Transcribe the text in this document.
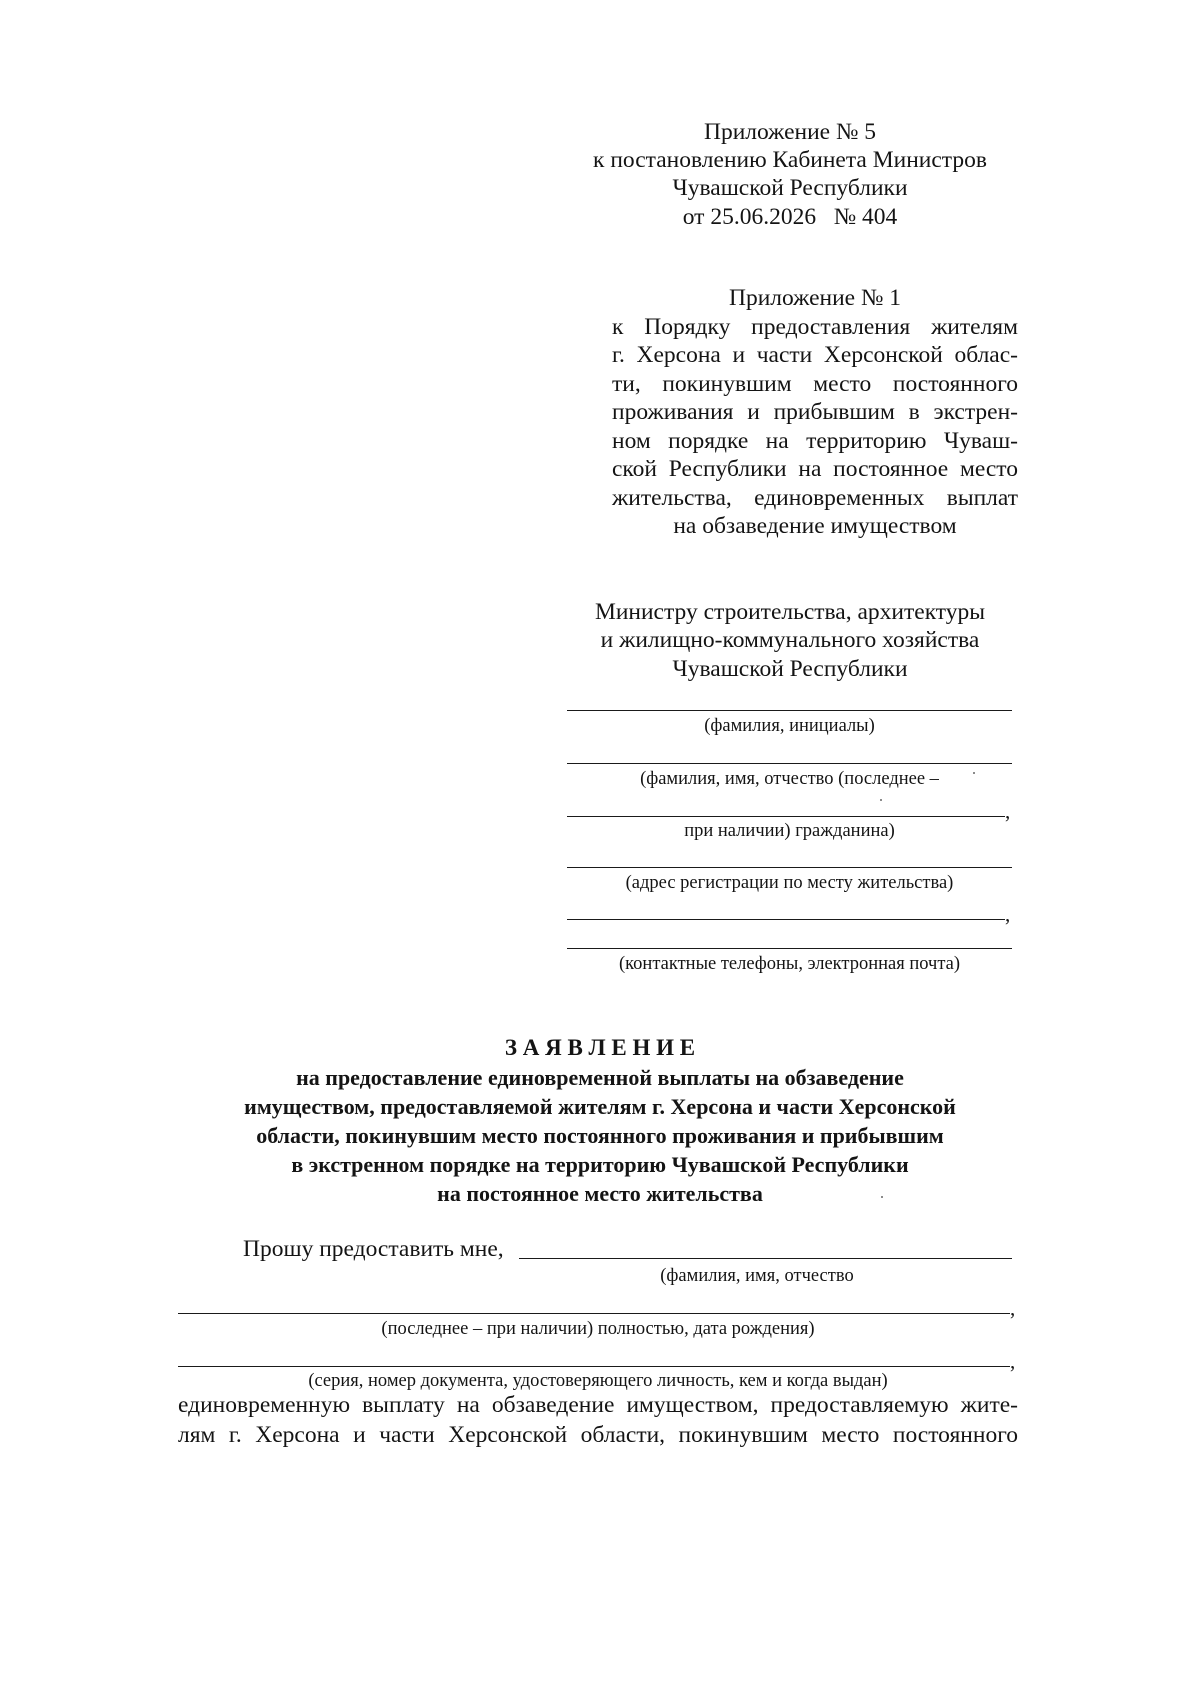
Приложение № 5
к постановлению Кабинета Министров
Чувашской Республики
от 25.06.2026 № 404
Приложение № 1
к Порядку предоставления жителям
г. Херсона и части Херсонской облас-
ти, покинувшим место постоянного
проживания и прибывшим в экстрен-
ном порядке на территорию Чуваш-
ской Республики на постоянное место
жительства, единовременных выплат
на обзаведение имуществом
Министру строительства, архитектуры
и жилищно-коммунального хозяйства
Чувашской Республики
(фамилия, инициалы)
(фамилия, имя, отчество (последнее –
,
при наличии) гражданина)
(адрес регистрации по месту жительства)
,
(контактные телефоны, электронная почта)
З А Я В Л Е Н И Е
на предоставление единовременной выплаты на обзаведение
имуществом, предоставляемой жителям г. Херсона и части Херсонской
области, покинувшим место постоянного проживания и прибывшим
в экстренном порядке на территорию Чувашской Республики
на постоянное место жительства
Прошу предоставить мне,
(фамилия, имя, отчество
,
(последнее – при наличии) полностью, дата рождения)
,
(серия, номер документа, удостоверяющего личность, кем и когда выдан)
единовременную выплату на обзаведение имуществом, предоставляемую жите-
лям г. Херсона и части Херсонской области, покинувшим место постоянного
